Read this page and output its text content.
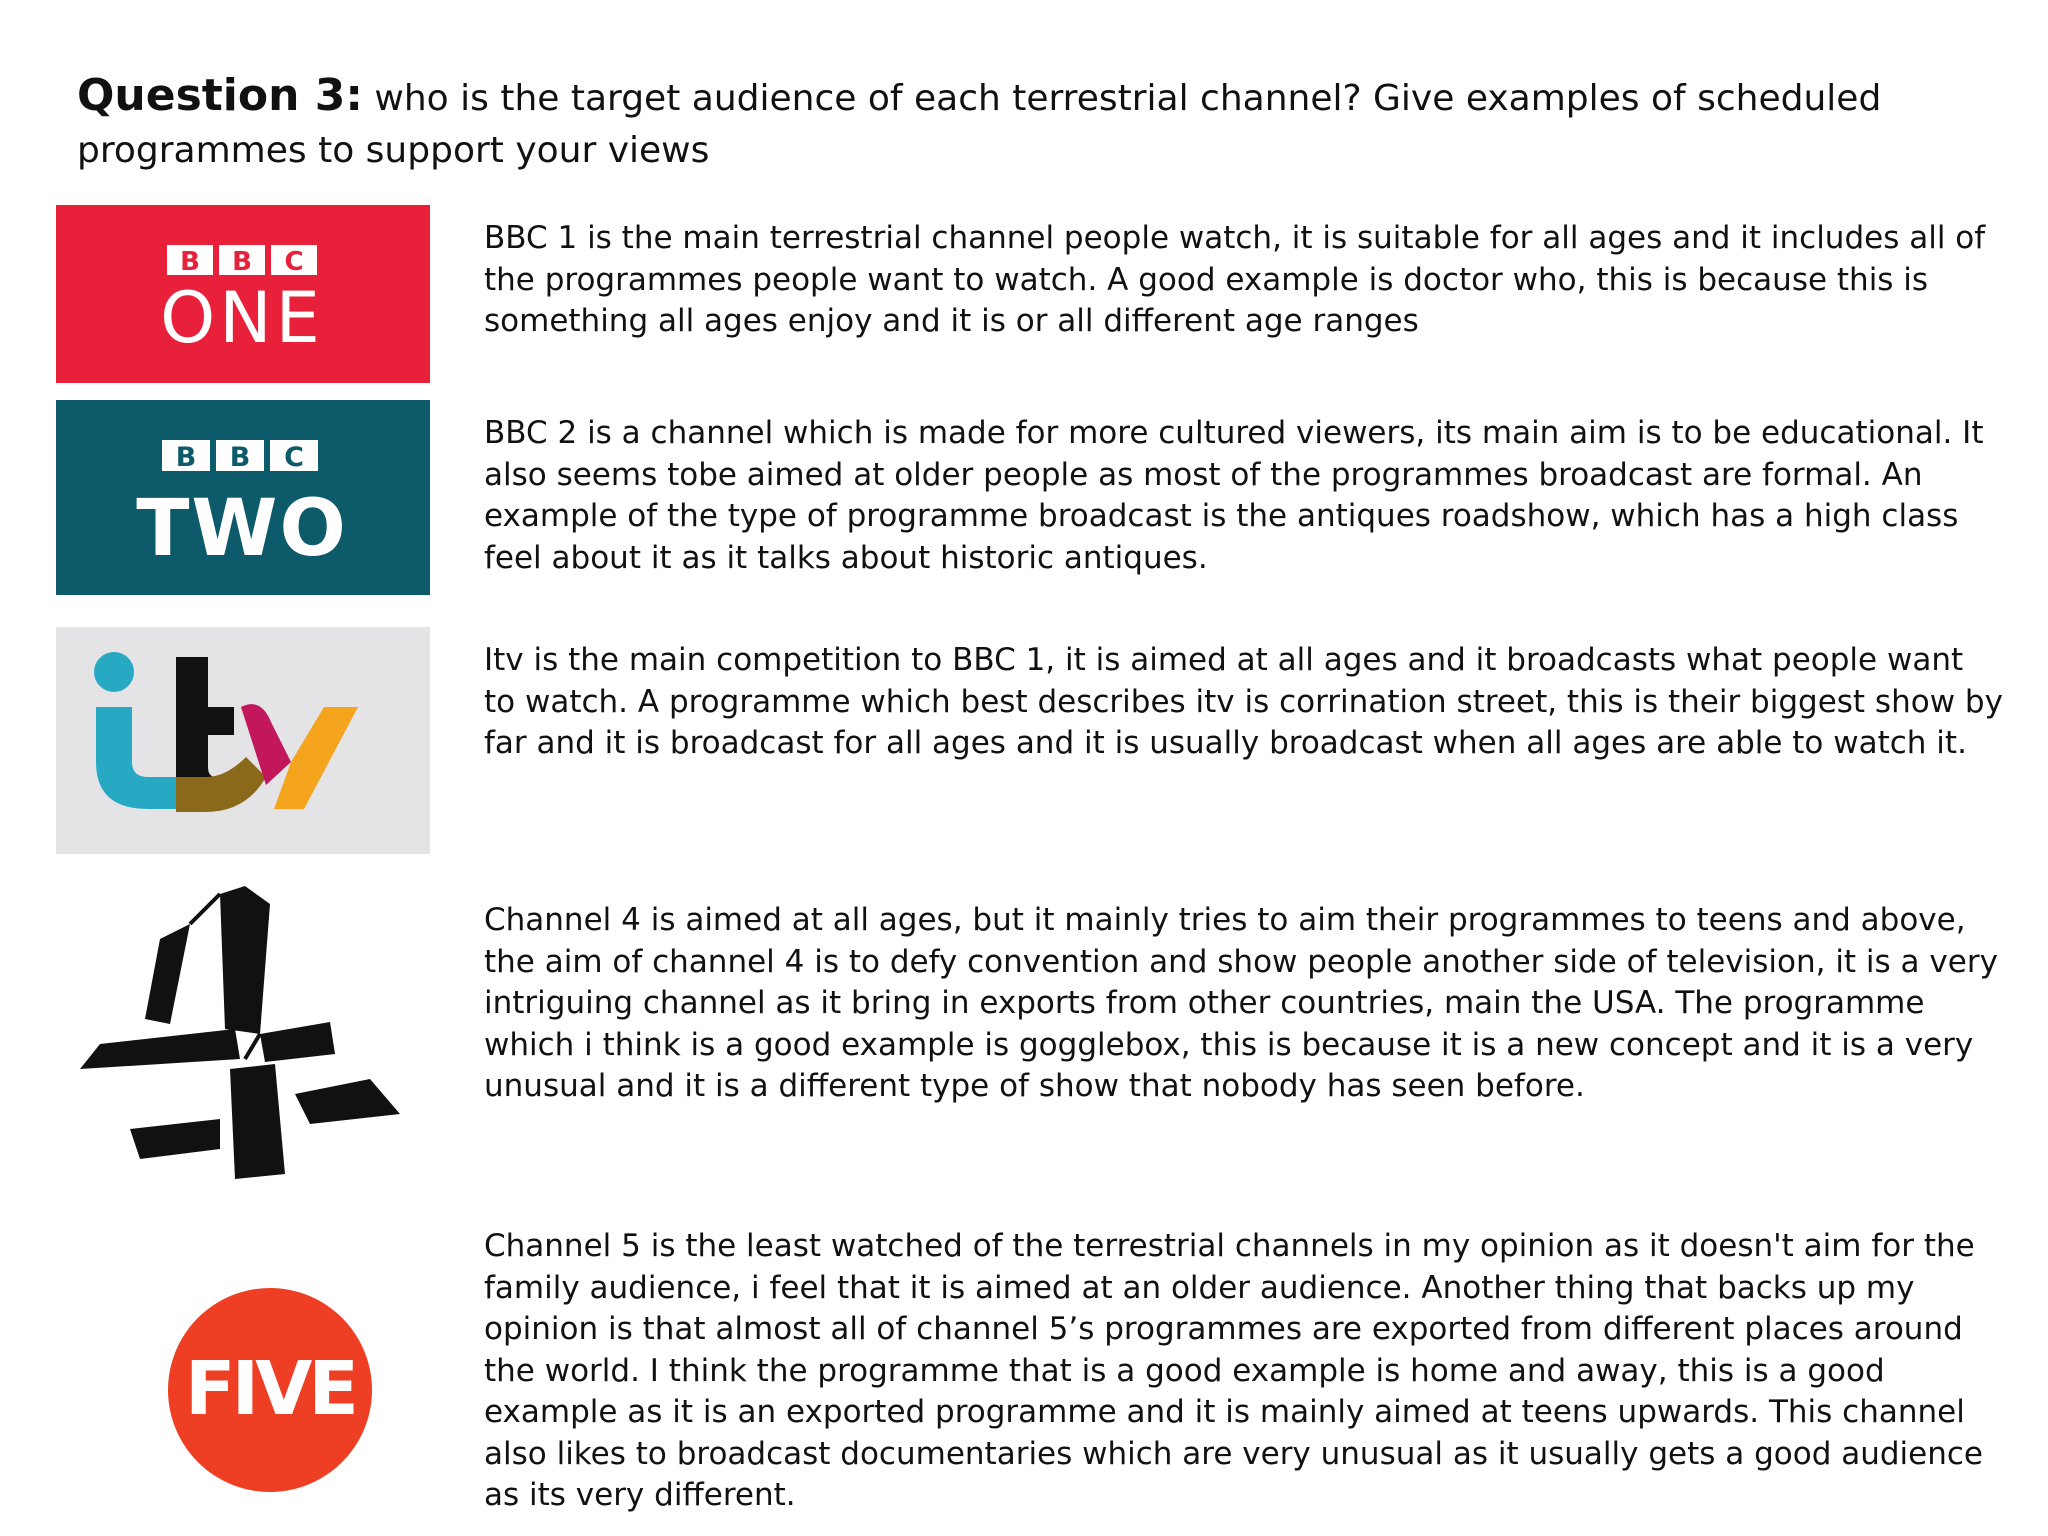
Question 3: who is the target audience of each terrestrial channel? Give examples of scheduled programmes to support your views
B B C
ONE
B B C
TWO
FIVE

BBC 1 is the main terrestrial channel people watch, it is suitable for all ages and it includes all of the programmes people want to watch. A good example is doctor who, this is because this is something all ages enjoy and it is or all different age ranges

BBC 2 is a channel which is made for more cultured viewers, its main aim is to be educational. It also seems tobe aimed at older people as most of the programmes broadcast are formal. An example of the type of programme broadcast is the antiques roadshow, which has a high class feel about it as it talks about historic antiques.

Itv is the main competition to BBC 1, it is aimed at all ages and it broadcasts what people want to watch. A programme which best describes itv is corrination street, this is their biggest show by far and it is broadcast for all ages and it is usually broadcast when all ages are able to watch it.

Channel 4 is aimed at all ages, but it mainly tries to aim their programmes to teens and above, the aim of channel 4 is to defy convention and show people another side of television, it is a very intriguing channel as it bring in exports from other countries, main the USA. The programme which i think is a good example is gogglebox, this is because it is a new concept and it is a very unusual and it is a different type of show that nobody has seen before.

Channel 5 is the least watched of the terrestrial channels in my opinion as it doesn't aim for the family audience, i feel that it is aimed at an older audience. Another thing that backs up my opinion is that almost all of channel 5’s programmes are exported from different places around the world. I think the programme that is a good example is home and away, this is a good example as it is an exported programme and it is mainly aimed at teens upwards. This channel also likes to broadcast documentaries which are very unusual as it usually gets a good audience as its very different.
